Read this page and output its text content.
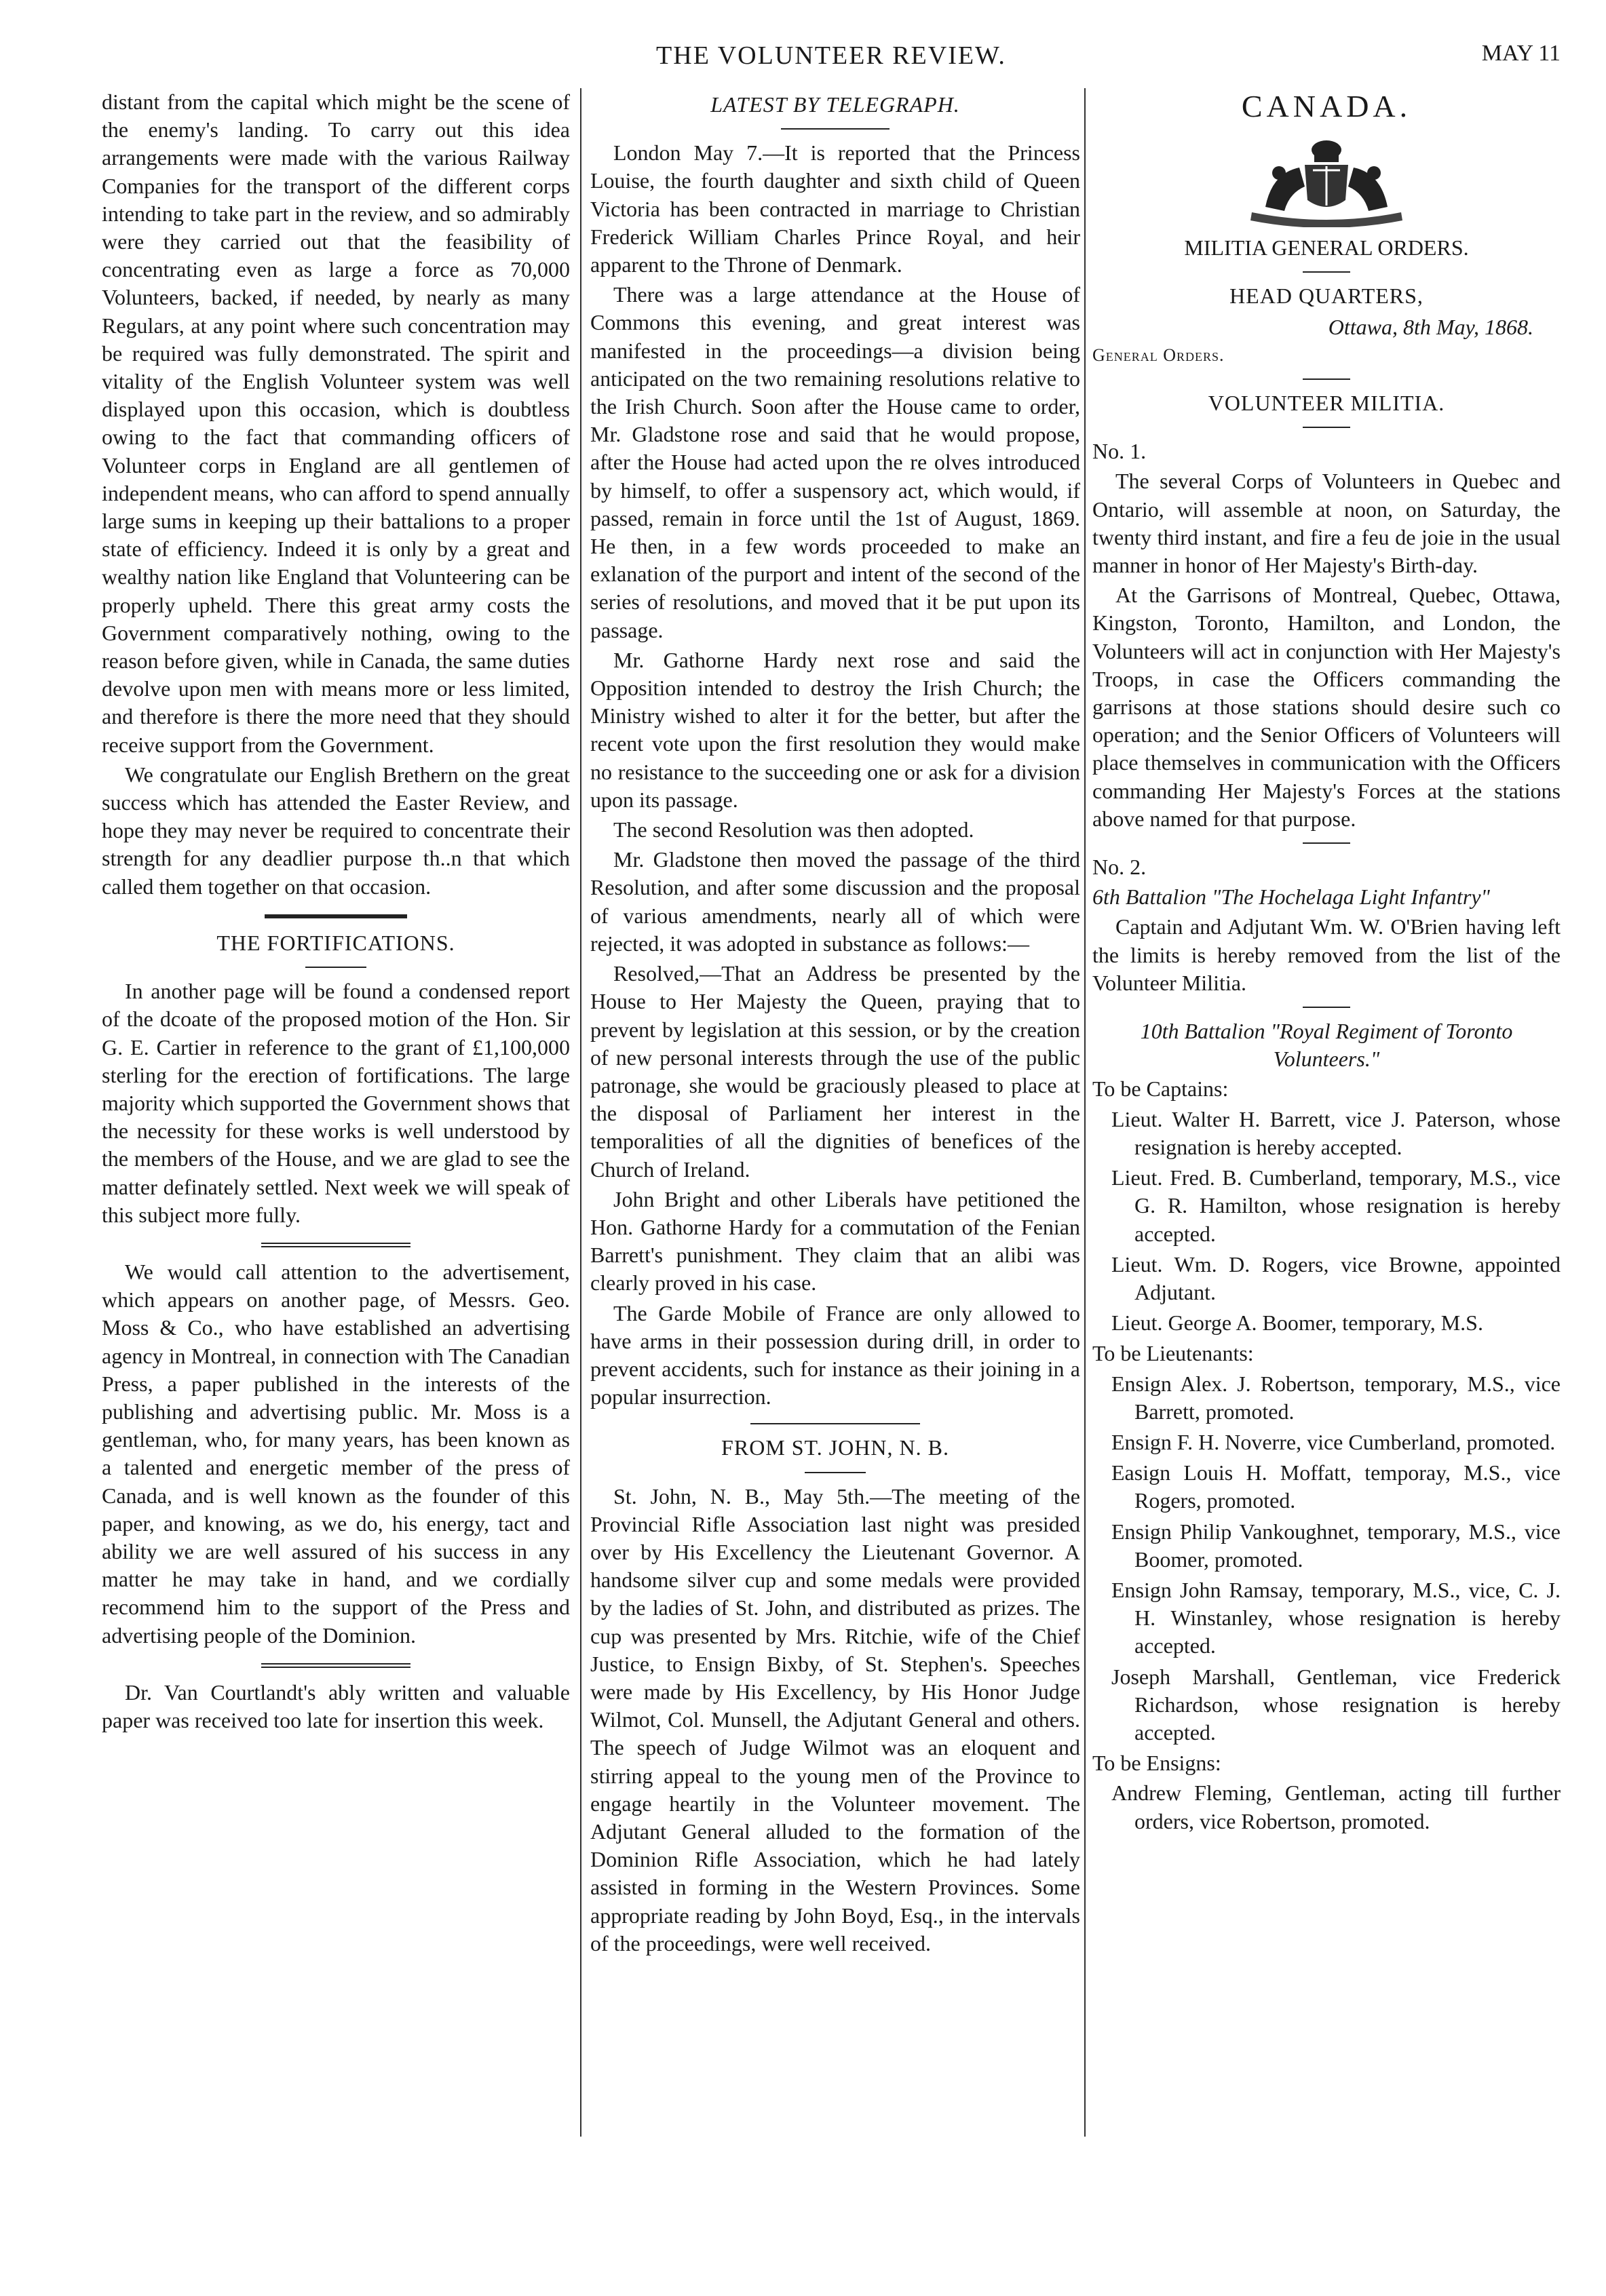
THE VOLUNTEER REVIEW.	MAY 11

distant from the capital which might be the scene of the enemy's landing. To carry out this idea arrangements were made with the various Railway Companies for the transport of the different corps intending to take part in the review, and so admirably were they carried out that the feasibility of concentrating even as large a force as 70,000 Volunteers, backed, if needed, by nearly as many Regulars, at any point where such concentration may be required was fully demonstrated. The spirit and vitality of the English Volunteer system was well displayed upon this occasion, which is doubtless owing to the fact that commanding officers of Volunteer corps in England are all gentlemen of independent means, who can afford to spend annually large sums in keeping up their battalions to a proper state of efficiency. Indeed it is only by a great and wealthy nation like England that Volunteering can be properly upheld. There this great army costs the Government comparatively nothing, owing to the reason before given, while in Canada, the same duties devolve upon men with means more or less limited, and therefore is there the more need that they should receive support from the Government.

We congratulate our English Brethern on the great success which has attended the Easter Review, and hope they may never be required to concentrate their strength for any deadlier purpose th..n that which called them together on that occasion.

THE FORTIFICATIONS.

In another page will be found a condensed report of the dcoate of the proposed motion of the Hon. Sir G. E. Cartier in reference to the grant of £1,100,000 sterling for the erection of fortifications. The large majority which supported the Government shows that the necessity for these works is well understood by the members of the House, and we are glad to see the matter definately settled. Next week we will speak of this subject more fully.

We would call attention to the advertisement, which appears on another page, of Messrs. Geo. Moss & Co., who have established an advertising agency in Montreal, in connection with The Canadian Press, a paper published in the interests of the publishing and advertising public. Mr. Moss is a gentleman, who, for many years, has been known as a talented and energetic member of the press of Canada, and is well known as the founder of this paper, and knowing, as we do, his energy, tact and ability we are well assured of his success in any matter he may take in hand, and we cordially recommend him to the support of the Press and advertising people of the Dominion.

Dr. Van Courtlandt's ably written and valuable paper was received too late for insertion this week.

LATEST BY TELEGRAPH.

London May 7.—It is reported that the Princess Louise, the fourth daughter and sixth child of Queen Victoria has been contracted in marriage to Christian Frederick William Charles Prince Royal, and heir apparent to the Throne of Denmark.

There was a large attendance at the House of Commons this evening, and great interest was manifested in the proceedings—a division being anticipated on the two remaining resolutions relative to the Irish Church. Soon after the House came to order, Mr. Gladstone rose and said that he would propose, after the House had acted upon the re olves introduced by himself, to offer a suspensory act, which would, if passed, remain in force until the 1st of August, 1869. He then, in a few words proceeded to make an exlanation of the purport and intent of the second of the series of resolutions, and moved that it be put upon its passage.

Mr. Gathorne Hardy next rose and said the Opposition intended to destroy the Irish Church; the Ministry wished to alter it for the better, but after the recent vote upon the first resolution they would make no resistance to the succeeding one or ask for a division upon its passage.

The second Resolution was then adopted.

Mr. Gladstone then moved the passage of the third Resolution, and after some discussion and the proposal of various amendments, nearly all of which were rejected, it was adopted in substance as follows:—

Resolved,—That an Address be presented by the House to Her Majesty the Queen, praying that to prevent by legislation at this session, or by the creation of new personal interests through the use of the public patronage, she would be graciously pleased to place at the disposal of Parliament her interest in the temporalities of all the dignities of benefices of the Church of Ireland.

John Bright and other Liberals have petitioned the Hon. Gathorne Hardy for a commutation of the Fenian Barrett's punishment. They claim that an alibi was clearly proved in his case.

The Garde Mobile of France are only allowed to have arms in their possession during drill, in order to prevent accidents, such for instance as their joining in a popular insurrection.

FROM ST. JOHN, N. B.

St. John, N. B., May 5th.—The meeting of the Provincial Rifle Association last night was presided over by His Excellency the Lieutenant Governor. A handsome silver cup and some medals were provided by the ladies of St. John, and distributed as prizes. The cup was presented by Mrs. Ritchie, wife of the Chief Justice, to Ensign Bixby, of St. Stephen's. Speeches were made by His Excellency, by His Honor Judge Wilmot, Col. Munsell, the Adjutant General and others. The speech of Judge Wilmot was an eloquent and stirring appeal to the young men of the Province to engage heartily in the Volunteer movement. The Adjutant General alluded to the formation of the Dominion Rifle Association, which he had lately assisted in forming in the Western Provinces. Some appropriate reading by John Boyd, Esq., in the intervals of the proceedings, were well received.

CANADA.
MILITIA GENERAL ORDERS.
HEAD QUARTERS,
Ottawa, 8th May, 1868.
General Orders.
VOLUNTEER MILITIA.

No. 1.

The several Corps of Volunteers in Quebec and Ontario, will assemble at noon, on Saturday, the twenty third instant, and fire a feu de joie in the usual manner in honor of Her Majesty's Birth-day.

At the Garrisons of Montreal, Quebec, Ottawa, Kingston, Toronto, Hamilton, and London, the Volunteers will act in conjunction with Her Majesty's Troops, in case the Officers commanding the garrisons at those stations should desire such co operation; and the Senior Officers of Volunteers will place themselves in communication with the Officers commanding Her Majesty's Forces at the stations above named for that purpose.

No. 2.

6th Battalion "The Hochelaga Light Infantry"

Captain and Adjutant Wm. W. O'Brien having left the limits is hereby removed from the list of the Volunteer Militia.

10th Battalion "Royal Regiment of Toronto Volunteers."

To be Captains:

Lieut. Walter H. Barrett, vice J. Paterson, whose resignation is hereby accepted.

Lieut. Fred. B. Cumberland, temporary, M.S., vice G. R. Hamilton, whose resignation is hereby accepted.

Lieut. Wm. D. Rogers, vice Browne, appointed Adjutant.

Lieut. George A. Boomer, temporary, M.S.

To be Lieutenants:

Ensign Alex. J. Robertson, temporary, M.S., vice Barrett, promoted.

Ensign F. H. Noverre, vice Cumberland, promoted.

Easign Louis H. Moffatt, temporay, M.S., vice Rogers, promoted.

Ensign Philip Vankoughnet, temporary, M.S., vice Boomer, promoted.

Ensign John Ramsay, temporary, M.S., vice, C. J. H. Winstanley, whose resignation is hereby accepted.

Joseph Marshall, Gentleman, vice Frederick Richardson, whose resignation is hereby accepted.

To be Ensigns:

Andrew Fleming, Gentleman, acting till further orders, vice Robertson, promoted.
